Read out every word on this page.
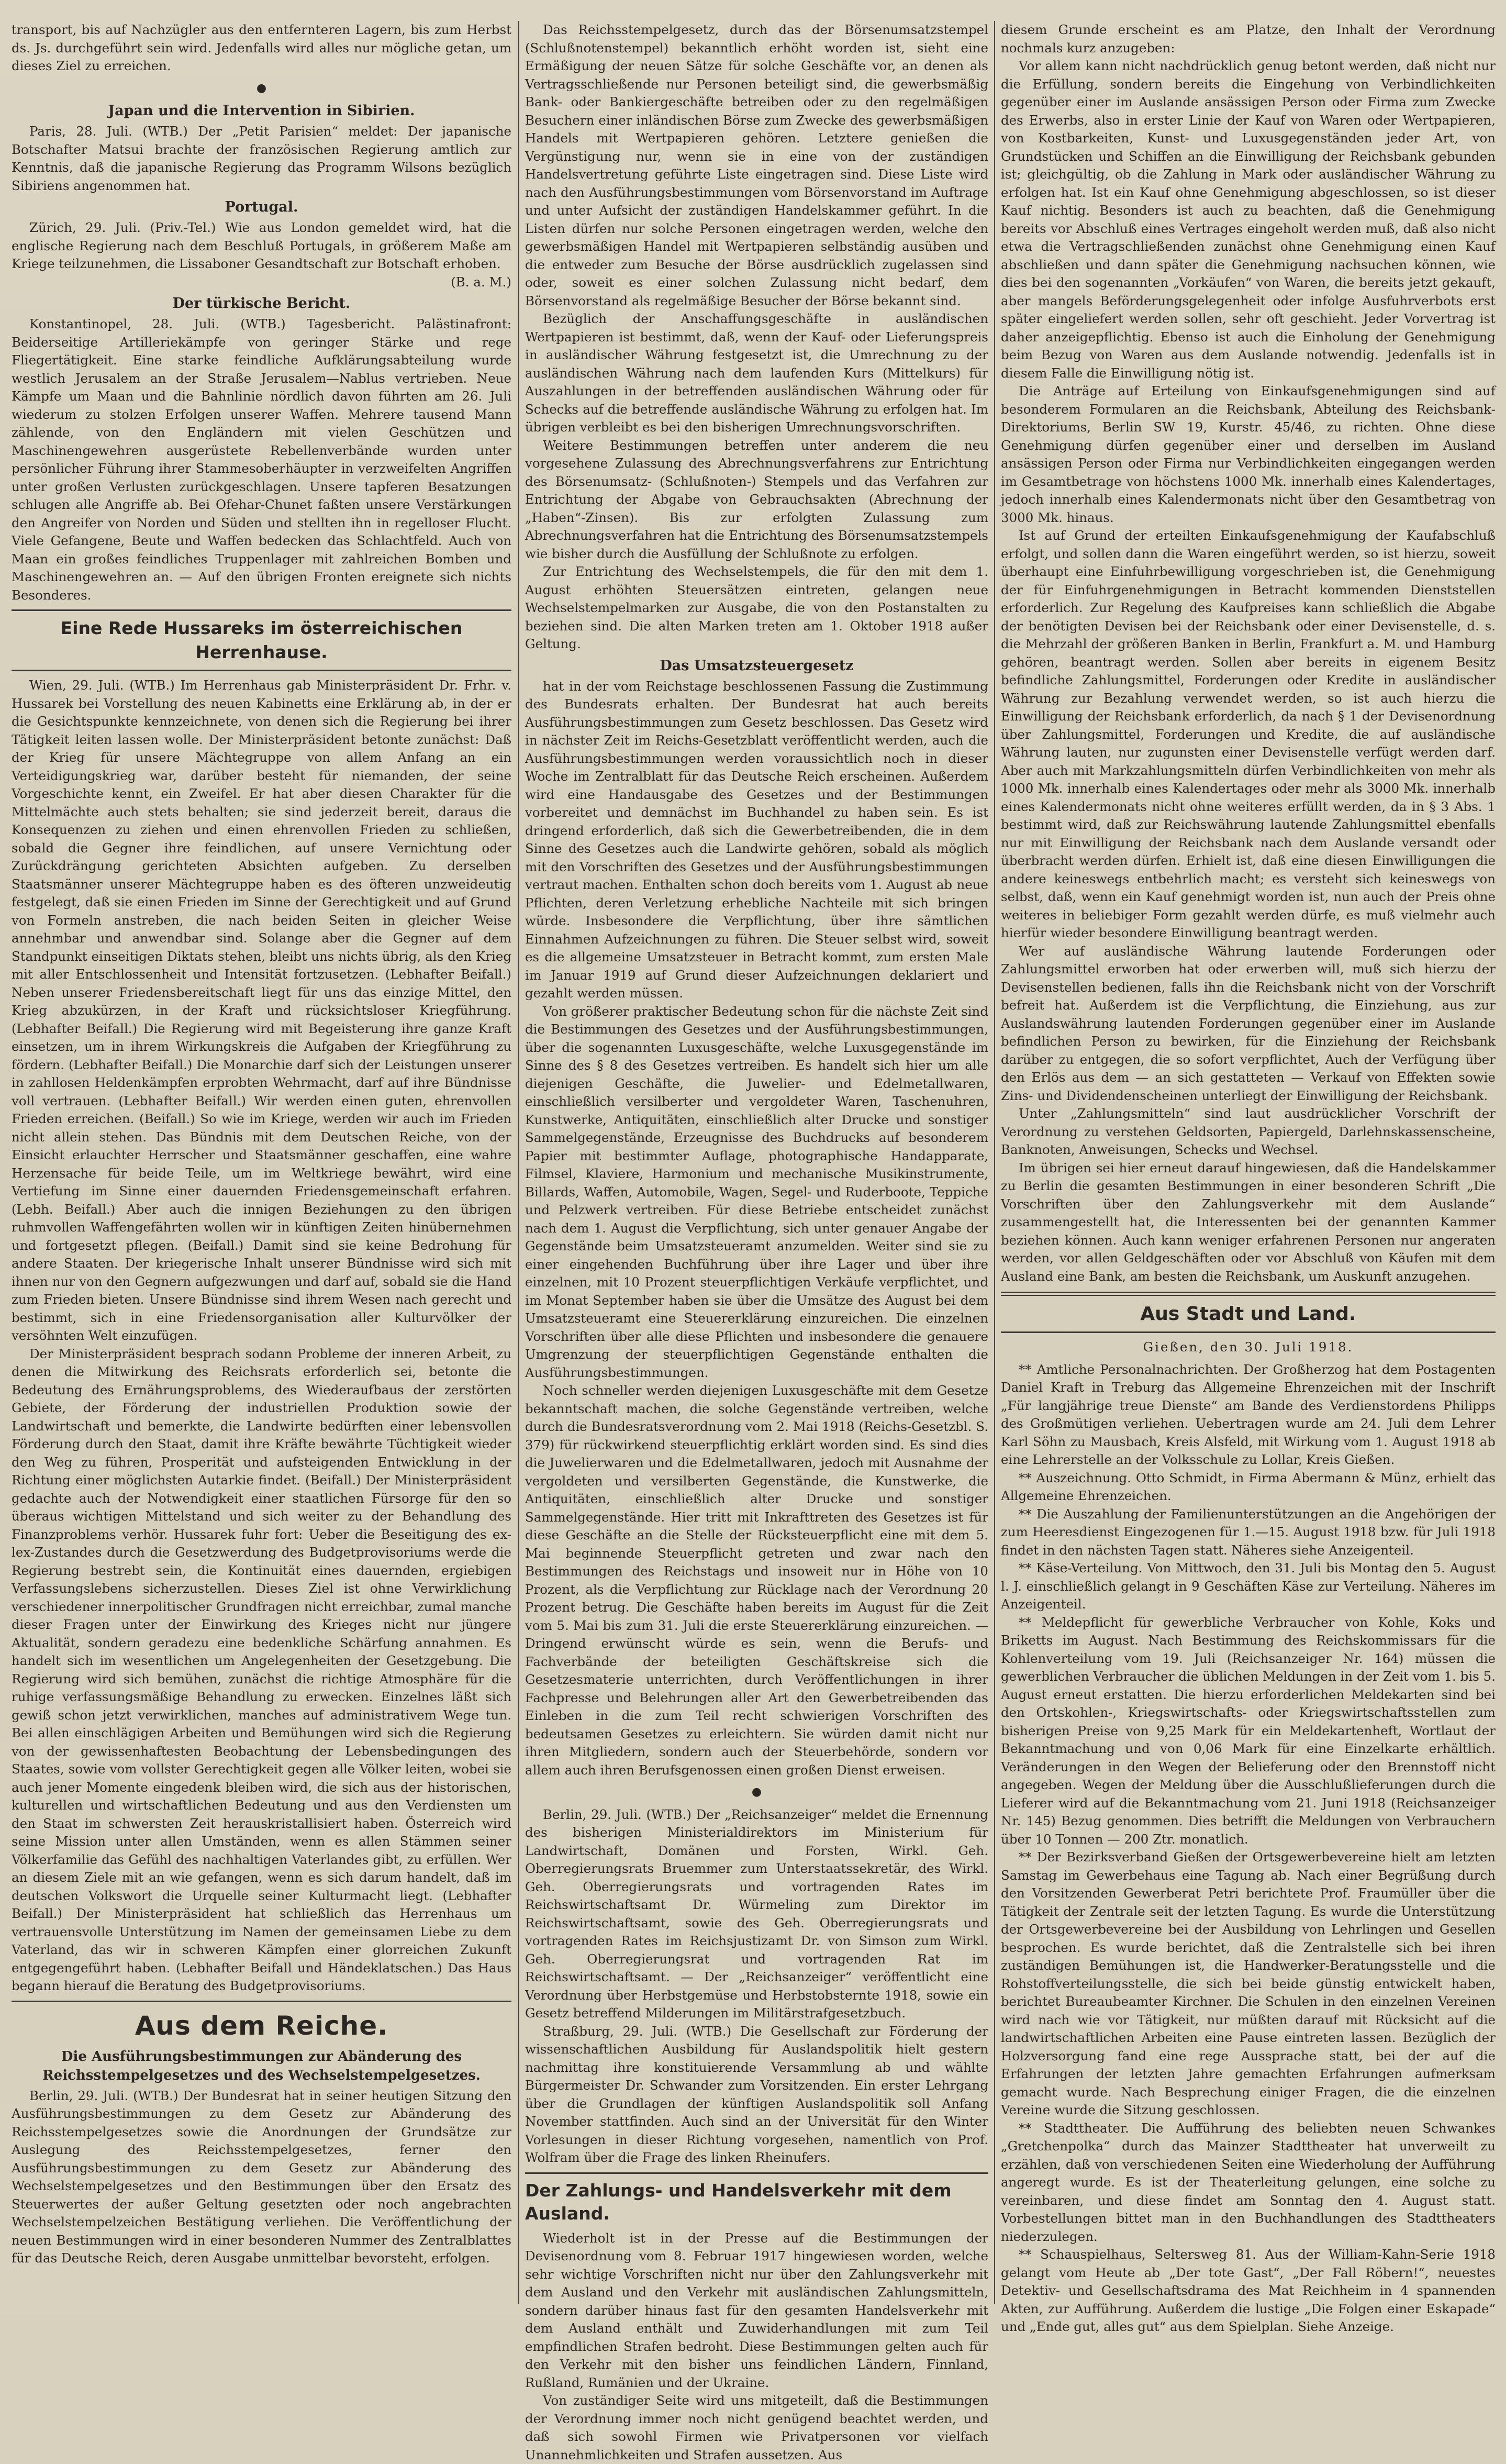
transport, bis auf Nachzügler aus den entfernteren Lagern, bis zum Herbst ds. Js. durchgeführt sein wird. Jedenfalls wird alles nur mögliche getan, um dieses Ziel zu erreichen.

●
Japan und die Intervention in Sibirien.

Paris, 28. Juli. (WTB.) Der „Petit Parisien“ meldet: Der japanische Botschafter Matsui brachte der französischen Regierung amtlich zur Kenntnis, daß die japanische Regierung das Programm Wilsons bezüglich Sibiriens angenommen hat.

Portugal.

Zürich, 29. Juli. (Priv.-Tel.) Wie aus London gemeldet wird, hat die englische Regierung nach dem Beschluß Portugals, in größerem Maße am Kriege teilzunehmen, die Lissaboner Gesandtschaft zur Botschaft erhoben.

(B. a. M.)

Der türkische Bericht.

Konstantinopel, 28. Juli. (WTB.) Tagesbericht. Palästinafront: Beiderseitige Artilleriekämpfe von geringer Stärke und rege Fliegertätigkeit. Eine starke feindliche Aufklärungsabteilung wurde westlich Jerusalem an der Straße Jerusalem—Nablus vertrieben. Neue Kämpfe um Maan und die Bahnlinie nördlich davon führten am 26. Juli wiederum zu stolzen Erfolgen unserer Waffen. Mehrere tausend Mann zählende, von den Engländern mit vielen Geschützen und Maschinengewehren ausgerüstete Rebellenverbände wurden unter persönlicher Führung ihrer Stammesoberhäupter in verzweifelten Angriffen unter großen Verlusten zurückgeschlagen. Unsere tapferen Besatzungen schlugen alle Angriffe ab. Bei Ofehar-Chunet faßten unsere Verstärkungen den Angreifer von Norden und Süden und stellten ihn in regelloser Flucht. Viele Gefangene, Beute und Waffen bedecken das Schlachtfeld. Auch von Maan ein großes feindliches Truppenlager mit zahlreichen Bomben und Maschinengewehren an. — Auf den übrigen Fronten ereignete sich nichts Besonderes.

Eine Rede Hussareks im österreichischen Herrenhause.

Wien, 29. Juli. (WTB.) Im Herrenhaus gab Ministerpräsident Dr. Frhr. v. Hussarek bei Vorstellung des neuen Kabinetts eine Erklärung ab, in der er die Gesichtspunkte kennzeichnete, von denen sich die Regierung bei ihrer Tätigkeit leiten lassen wolle. Der Ministerpräsident betonte zunächst: Daß der Krieg für unsere Mächtegruppe von allem Anfang an ein Verteidigungskrieg war, darüber besteht für niemanden, der seine Vorgeschichte kennt, ein Zweifel. Er hat aber diesen Charakter für die Mittelmächte auch stets behalten; sie sind jederzeit bereit, daraus die Konsequenzen zu ziehen und einen ehrenvollen Frieden zu schließen, sobald die Gegner ihre feindlichen, auf unsere Vernichtung oder Zurückdrängung gerichteten Absichten aufgeben. Zu derselben Staatsmänner unserer Mächtegruppe haben es des öfteren unzweideutig festgelegt, daß sie einen Frieden im Sinne der Gerechtigkeit und auf Grund von Formeln anstreben, die nach beiden Seiten in gleicher Weise annehmbar und anwendbar sind. Solange aber die Gegner auf dem Standpunkt einseitigen Diktats stehen, bleibt uns nichts übrig, als den Krieg mit aller Entschlossenheit und Intensität fortzusetzen. (Lebhafter Beifall.) Neben unserer Friedensbereitschaft liegt für uns das einzige Mittel, den Krieg abzukürzen, in der Kraft und rücksichtsloser Kriegführung. (Lebhafter Beifall.) Die Regierung wird mit Begeisterung ihre ganze Kraft einsetzen, um in ihrem Wirkungskreis die Aufgaben der Kriegführung zu fördern. (Lebhafter Beifall.) Die Monarchie darf sich der Leistungen unserer in zahllosen Heldenkämpfen erprobten Wehrmacht, darf auf ihre Bündnisse voll vertrauen. (Lebhafter Beifall.) Wir werden einen guten, ehrenvollen Frieden erreichen. (Beifall.) So wie im Kriege, werden wir auch im Frieden nicht allein stehen. Das Bündnis mit dem Deutschen Reiche, von der Einsicht erlauchter Herrscher und Staatsmänner geschaffen, eine wahre Herzensache für beide Teile, um im Weltkriege bewährt, wird eine Vertiefung im Sinne einer dauernden Friedensgemeinschaft erfahren. (Lebh. Beifall.) Aber auch die innigen Beziehungen zu den übrigen ruhmvollen Waffengefährten wollen wir in künftigen Zeiten hinübernehmen und fortgesetzt pflegen. (Beifall.) Damit sind sie keine Bedrohung für andere Staaten. Der kriegerische Inhalt unserer Bündnisse wird sich mit ihnen nur von den Gegnern aufgezwungen und darf auf, sobald sie die Hand zum Frieden bieten. Unsere Bündnisse sind ihrem Wesen nach gerecht und bestimmt, sich in eine Friedensorganisation aller Kulturvölker der versöhnten Welt einzufügen.

Der Ministerpräsident besprach sodann Probleme der inneren Arbeit, zu denen die Mitwirkung des Reichsrats erforderlich sei, betonte die Bedeutung des Ernährungsproblems, des Wiederaufbaus der zerstörten Gebiete, der Förderung der industriellen Produktion sowie der Landwirtschaft und bemerkte, die Landwirte bedürften einer lebensvollen Förderung durch den Staat, damit ihre Kräfte bewährte Tüchtigkeit wieder den Weg zu führen, Prosperität und aufsteigenden Entwicklung in der Richtung einer möglichsten Autarkie findet. (Beifall.) Der Ministerpräsident gedachte auch der Notwendigkeit einer staatlichen Fürsorge für den so überaus wichtigen Mittelstand und sich weiter zu der Behandlung des Finanzproblems verhör. Hussarek fuhr fort: Ueber die Beseitigung des ex-lex-Zustandes durch die Gesetzwerdung des Budgetprovisoriums werde die Regierung bestrebt sein, die Kontinuität eines dauernden, ergiebigen Verfassungslebens sicherzustellen. Dieses Ziel ist ohne Verwirklichung verschiedener innerpolitischer Grundfragen nicht erreichbar, zumal manche dieser Fragen unter der Einwirkung des Krieges nicht nur jüngere Aktualität, sondern geradezu eine bedenkliche Schärfung annahmen. Es handelt sich im wesentlichen um Angelegenheiten der Gesetzgebung. Die Regierung wird sich bemühen, zunächst die richtige Atmosphäre für die ruhige verfassungsmäßige Behandlung zu erwecken. Einzelnes läßt sich gewiß schon jetzt verwirklichen, manches auf administrativem Wege tun. Bei allen einschlägigen Arbeiten und Bemühungen wird sich die Regierung von der gewissenhaftesten Beobachtung der Lebensbedingungen des Staates, sowie vom vollster Gerechtigkeit gegen alle Völker leiten, wobei sie auch jener Momente eingedenk bleiben wird, die sich aus der historischen, kulturellen und wirtschaftlichen Bedeutung und aus den Verdiensten um den Staat im schwersten Zeit herauskristallisiert haben. Österreich wird seine Mission unter allen Umständen, wenn es allen Stämmen seiner Völkerfamilie das Gefühl des nachhaltigen Vaterlandes gibt, zu erfüllen. Wer an diesem Ziele mit an wie gefangen, wenn es sich darum handelt, daß im deutschen Volkswort die Urquelle seiner Kulturmacht liegt. (Lebhafter Beifall.) Der Ministerpräsident hat schließlich das Herrenhaus um vertrauensvolle Unterstützung im Namen der gemeinsamen Liebe zu dem Vaterland, das wir in schweren Kämpfen einer glorreichen Zukunft entgegengeführt haben. (Lebhafter Beifall und Händeklatschen.) Das Haus begann hierauf die Beratung des Budgetprovisoriums.

Aus dem Reiche.
Die Ausführungsbestimmungen zur Abänderung des Reichsstempelgesetzes und des Wechselstempelgesetzes.

Berlin, 29. Juli. (WTB.) Der Bundesrat hat in seiner heutigen Sitzung den Ausführungsbestimmungen zu dem Gesetz zur Abänderung des Reichsstempelgesetzes sowie die Anordnungen der Grundsätze zur Auslegung des Reichsstempelgesetzes, ferner den Ausführungsbestimmungen zu dem Gesetz zur Abänderung des Wechselstempelgesetzes und den Bestimmungen über den Ersatz des Steuerwertes der außer Geltung gesetzten oder noch angebrachten Wechselstempelzeichen Bestätigung verliehen. Die Veröffentlichung der neuen Bestimmungen wird in einer besonderen Nummer des Zentralblattes für das Deutsche Reich, deren Ausgabe unmittelbar bevorsteht, erfolgen.

Das Reichsstempelgesetz, durch das der Börsenumsatzstempel (Schlußnotenstempel) bekanntlich erhöht worden ist, sieht eine Ermäßigung der neuen Sätze für solche Geschäfte vor, an denen als Vertragsschließende nur Personen beteiligt sind, die gewerbsmäßig Bank- oder Bankiergeschäfte betreiben oder zu den regelmäßigen Besuchern einer inländischen Börse zum Zwecke des gewerbsmäßigen Handels mit Wertpapieren gehören. Letztere genießen die Vergünstigung nur, wenn sie in eine von der zuständigen Handelsvertretung geführte Liste eingetragen sind. Diese Liste wird nach den Ausführungsbestimmungen vom Börsenvorstand im Auftrage und unter Aufsicht der zuständigen Handelskammer geführt. In die Listen dürfen nur solche Personen eingetragen werden, welche den gewerbsmäßigen Handel mit Wertpapieren selbständig ausüben und die entweder zum Besuche der Börse ausdrücklich zugelassen sind oder, soweit es einer solchen Zulassung nicht bedarf, dem Börsenvorstand als regelmäßige Besucher der Börse bekannt sind.

Bezüglich der Anschaffungsgeschäfte in ausländischen Wertpapieren ist bestimmt, daß, wenn der Kauf- oder Lieferungspreis in ausländischer Währung festgesetzt ist, die Umrechnung zu der ausländischen Währung nach dem laufenden Kurs (Mittelkurs) für Auszahlungen in der betreffenden ausländischen Währung oder für Schecks auf die betreffende ausländische Währung zu erfolgen hat. Im übrigen verbleibt es bei den bisherigen Umrechnungsvorschriften.

Weitere Bestimmungen betreffen unter anderem die neu vorgesehene Zulassung des Abrechnungsverfahrens zur Entrichtung des Börsenumsatz- (Schlußnoten-) Stempels und das Verfahren zur Entrichtung der Abgabe von Gebrauchsakten (Abrechnung der „Haben“-Zinsen). Bis zur erfolgten Zulassung zum Abrechnungsverfahren hat die Entrichtung des Börsenumsatzstempels wie bisher durch die Ausfüllung der Schlußnote zu erfolgen.

Zur Entrichtung des Wechselstempels, die für den mit dem 1. August erhöhten Steuersätzen eintreten, gelangen neue Wechselstempelmarken zur Ausgabe, die von den Postanstalten zu beziehen sind. Die alten Marken treten am 1. Oktober 1918 außer Geltung.

Das Umsatzsteuergesetz

hat in der vom Reichstage beschlossenen Fassung die Zustimmung des Bundesrats erhalten. Der Bundesrat hat auch bereits Ausführungsbestimmungen zum Gesetz beschlossen. Das Gesetz wird in nächster Zeit im Reichs-Gesetzblatt veröffentlicht werden, auch die Ausführungsbestimmungen werden voraussichtlich noch in dieser Woche im Zentralblatt für das Deutsche Reich erscheinen. Außerdem wird eine Handausgabe des Gesetzes und der Bestimmungen vorbereitet und demnächst im Buchhandel zu haben sein. Es ist dringend erforderlich, daß sich die Gewerbetreibenden, die in dem Sinne des Gesetzes auch die Landwirte gehören, sobald als möglich mit den Vorschriften des Gesetzes und der Ausführungsbestimmungen vertraut machen. Enthalten schon doch bereits vom 1. August ab neue Pflichten, deren Verletzung erhebliche Nachteile mit sich bringen würde. Insbesondere die Verpflichtung, über ihre sämtlichen Einnahmen Aufzeichnungen zu führen. Die Steuer selbst wird, soweit es die allgemeine Umsatzsteuer in Betracht kommt, zum ersten Male im Januar 1919 auf Grund dieser Aufzeichnungen deklariert und gezahlt werden müssen.

Von größerer praktischer Bedeutung schon für die nächste Zeit sind die Bestimmungen des Gesetzes und der Ausführungsbestimmungen, über die sogenannten Luxusgeschäfte, welche Luxusgegenstände im Sinne des § 8 des Gesetzes vertreiben. Es handelt sich hier um alle diejenigen Geschäfte, die Juwelier- und Edelmetallwaren, einschließlich versilberter und vergoldeter Waren, Taschenuhren, Kunstwerke, Antiquitäten, einschließlich alter Drucke und sonstiger Sammelgegenstände, Erzeugnisse des Buchdrucks auf besonderem Papier mit bestimmter Auflage, photographische Handapparate, Filmsel, Klaviere, Harmonium und mechanische Musikinstrumente, Billards, Waffen, Automobile, Wagen, Segel- und Ruderboote, Teppiche und Pelzwerk vertreiben. Für diese Betriebe entscheidet zunächst nach dem 1. August die Verpflichtung, sich unter genauer Angabe der Gegenstände beim Umsatzsteueramt anzumelden. Weiter sind sie zu einer eingehenden Buchführung über ihre Lager und über ihre einzelnen, mit 10 Prozent steuerpflichtigen Verkäufe verpflichtet, und im Monat September haben sie über die Umsätze des August bei dem Umsatzsteueramt eine Steuererklärung einzureichen. Die einzelnen Vorschriften über alle diese Pflichten und insbesondere die genauere Umgrenzung der steuerpflichtigen Gegenstände enthalten die Ausführungsbestimmungen.

Noch schneller werden diejenigen Luxusgeschäfte mit dem Gesetze bekanntschaft machen, die solche Gegenstände vertreiben, welche durch die Bundesratsverordnung vom 2. Mai 1918 (Reichs-Gesetzbl. S. 379) für rückwirkend steuerpflichtig erklärt worden sind. Es sind dies die Juwelierwaren und die Edelmetallwaren, jedoch mit Ausnahme der vergoldeten und versilberten Gegenstände, die Kunstwerke, die Antiquitäten, einschließlich alter Drucke und sonstiger Sammelgegenstände. Hier tritt mit Inkrafttreten des Gesetzes ist für diese Geschäfte an die Stelle der Rücksteuerpflicht eine mit dem 5. Mai beginnende Steuerpflicht getreten und zwar nach den Bestimmungen des Reichstags und insoweit nur in Höhe von 10 Prozent, als die Verpflichtung zur Rücklage nach der Verordnung 20 Prozent betrug. Die Geschäfte haben bereits im August für die Zeit vom 5. Mai bis zum 31. Juli die erste Steuererklärung einzureichen. — Dringend erwünscht würde es sein, wenn die Berufs- und Fachverbände der beteiligten Geschäftskreise sich die Gesetzesmaterie unterrichten, durch Veröffentlichungen in ihrer Fachpresse und Belehrungen aller Art den Gewerbetreibenden das Einleben in die zum Teil recht schwierigen Vorschriften des bedeutsamen Gesetzes zu erleichtern. Sie würden damit nicht nur ihren Mitgliedern, sondern auch der Steuerbehörde, sondern vor allem auch ihren Berufsgenossen einen großen Dienst erweisen.

●

Berlin, 29. Juli. (WTB.) Der „Reichsanzeiger“ meldet die Ernennung des bisherigen Ministerialdirektors im Ministerium für Landwirtschaft, Domänen und Forsten, Wirkl. Geh. Oberregierungsrats Bruemmer zum Unterstaatssekretär, des Wirkl. Geh. Oberregierungsrats und vortragenden Rates im Reichswirtschaftsamt Dr. Würmeling zum Direktor im Reichswirtschaftsamt, sowie des Geh. Oberregierungsrats und vortragenden Rates im Reichsjustizamt Dr. von Simson zum Wirkl. Geh. Oberregierungsrat und vortragenden Rat im Reichswirtschaftsamt. — Der „Reichsanzeiger“ veröffentlicht eine Verordnung über Herbstgemüse und Herbstobsternte 1918, sowie ein Gesetz betreffend Milderungen im Militärstrafgesetzbuch.

Straßburg, 29. Juli. (WTB.) Die Gesellschaft zur Förderung der wissenschaftlichen Ausbildung für Auslandspolitik hielt gestern nachmittag ihre konstituierende Versammlung ab und wählte Bürgermeister Dr. Schwander zum Vorsitzenden. Ein erster Lehrgang über die Grundlagen der künftigen Auslandspolitik soll Anfang November stattfinden. Auch sind an der Universität für den Winter Vorlesungen in dieser Richtung vorgesehen, namentlich von Prof. Wolfram über die Frage des linken Rheinufers.

Der Zahlungs- und Handelsverkehr mit dem Ausland.

Wiederholt ist in der Presse auf die Bestimmungen der Devisenordnung vom 8. Februar 1917 hingewiesen worden, welche sehr wichtige Vorschriften nicht nur über den Zahlungsverkehr mit dem Ausland und den Verkehr mit ausländischen Zahlungsmitteln, sondern darüber hinaus fast für den gesamten Handelsverkehr mit dem Ausland enthält und Zuwiderhandlungen mit zum Teil empfindlichen Strafen bedroht. Diese Bestimmungen gelten auch für den Verkehr mit den bisher uns feindlichen Ländern, Finnland, Rußland, Rumänien und der Ukraine.

Von zuständiger Seite wird uns mitgeteilt, daß die Bestimmungen der Verordnung immer noch nicht genügend beachtet werden, und daß sich sowohl Firmen wie Privatpersonen vor vielfach Unannehmlichkeiten und Strafen aussetzen. Aus

diesem Grunde erscheint es am Platze, den Inhalt der Verordnung nochmals kurz anzugeben:

Vor allem kann nicht nachdrücklich genug betont werden, daß nicht nur die Erfüllung, sondern bereits die Eingehung von Verbindlichkeiten gegenüber einer im Auslande ansässigen Person oder Firma zum Zwecke des Erwerbs, also in erster Linie der Kauf von Waren oder Wertpapieren, von Kostbarkeiten, Kunst- und Luxusgegenständen jeder Art, von Grundstücken und Schiffen an die Einwilligung der Reichsbank gebunden ist; gleichgültig, ob die Zahlung in Mark oder ausländischer Währung zu erfolgen hat. Ist ein Kauf ohne Genehmigung abgeschlossen, so ist dieser Kauf nichtig. Besonders ist auch zu beachten, daß die Genehmigung bereits vor Abschluß eines Vertrages eingeholt werden muß, daß also nicht etwa die Vertragschließenden zunächst ohne Genehmigung einen Kauf abschließen und dann später die Genehmigung nachsuchen können, wie dies bei den sogenannten „Vorkäufen“ von Waren, die bereits jetzt gekauft, aber mangels Beförderungsgelegenheit oder infolge Ausfuhrverbots erst später eingeliefert werden sollen, sehr oft geschieht. Jeder Vorvertrag ist daher anzeigepflichtig. Ebenso ist auch die Einholung der Genehmigung beim Bezug von Waren aus dem Auslande notwendig. Jedenfalls ist in diesem Falle die Einwilligung nötig ist.

Die Anträge auf Erteilung von Einkaufsgenehmigungen sind auf besonderem Formularen an die Reichsbank, Abteilung des Reichsbank-Direktoriums, Berlin SW 19, Kurstr. 45/46, zu richten. Ohne diese Genehmigung dürfen gegenüber einer und derselben im Ausland ansässigen Person oder Firma nur Verbindlichkeiten eingegangen werden im Gesamtbetrage von höchstens 1000 Mk. innerhalb eines Kalendertages, jedoch innerhalb eines Kalendermonats nicht über den Gesamtbetrag von 3000 Mk. hinaus.

Ist auf Grund der erteilten Einkaufsgenehmigung der Kaufabschluß erfolgt, und sollen dann die Waren eingeführt werden, so ist hierzu, soweit überhaupt eine Einfuhrbewilligung vorgeschrieben ist, die Genehmigung der für Einfuhrgenehmigungen in Betracht kommenden Dienststellen erforderlich. Zur Regelung des Kaufpreises kann schließlich die Abgabe der benötigten Devisen bei der Reichsbank oder einer Devisenstelle, d. s. die Mehrzahl der größeren Banken in Berlin, Frankfurt a. M. und Hamburg gehören, beantragt werden. Sollen aber bereits in eigenem Besitz befindliche Zahlungsmittel, Forderungen oder Kredite in ausländischer Währung zur Bezahlung verwendet werden, so ist auch hierzu die Einwilligung der Reichsbank erforderlich, da nach § 1 der Devisenordnung über Zahlungsmittel, Forderungen und Kredite, die auf ausländische Währung lauten, nur zugunsten einer Devisenstelle verfügt werden darf. Aber auch mit Markzahlungsmitteln dürfen Verbindlichkeiten von mehr als 1000 Mk. innerhalb eines Kalendertages oder mehr als 3000 Mk. innerhalb eines Kalendermonats nicht ohne weiteres erfüllt werden, da in § 3 Abs. 1 bestimmt wird, daß zur Reichswährung lautende Zahlungsmittel ebenfalls nur mit Einwilligung der Reichsbank nach dem Auslande versandt oder überbracht werden dürfen. Erhielt ist, daß eine diesen Einwilligungen die andere keineswegs entbehrlich macht; es versteht sich keineswegs von selbst, daß, wenn ein Kauf genehmigt worden ist, nun auch der Preis ohne weiteres in beliebiger Form gezahlt werden dürfe, es muß vielmehr auch hierfür wieder besondere Einwilligung beantragt werden.

Wer auf ausländische Währung lautende Forderungen oder Zahlungsmittel erworben hat oder erwerben will, muß sich hierzu der Devisenstellen bedienen, falls ihn die Reichsbank nicht von der Vorschrift befreit hat. Außerdem ist die Verpflichtung, die Einziehung, aus zur Auslandswährung lautenden Forderungen gegenüber einer im Auslande befindlichen Person zu bewirken, für die Einziehung der Reichsbank darüber zu entgegen, die so sofort verpflichtet, Auch der Verfügung über den Erlös aus dem — an sich gestatteten — Verkauf von Effekten sowie Zins- und Dividendenscheinen unterliegt der Einwilligung der Reichsbank.

Unter „Zahlungsmitteln“ sind laut ausdrücklicher Vorschrift der Verordnung zu verstehen Geldsorten, Papiergeld, Darlehnskassenscheine, Banknoten, Anweisungen, Schecks und Wechsel.

Im übrigen sei hier erneut darauf hingewiesen, daß die Handelskammer zu Berlin die gesamten Bestimmungen in einer besonderen Schrift „Die Vorschriften über den Zahlungsverkehr mit dem Auslande“ zusammengestellt hat, die Interessenten bei der genannten Kammer beziehen können. Auch kann weniger erfahrenen Personen nur angeraten werden, vor allen Geldgeschäften oder vor Abschluß von Käufen mit dem Ausland eine Bank, am besten die Reichsbank, um Auskunft anzugehen.

Aus Stadt und Land.
Gießen, den 30. Juli 1918.

** Amtliche Personalnachrichten. Der Großherzog hat dem Postagenten Daniel Kraft in Treburg das Allgemeine Ehrenzeichen mit der Inschrift „Für langjährige treue Dienste“ am Bande des Verdienstordens Philipps des Großmütigen verliehen. Uebertragen wurde am 24. Juli dem Lehrer Karl Söhn zu Mausbach, Kreis Alsfeld, mit Wirkung vom 1. August 1918 ab eine Lehrerstelle an der Volksschule zu Lollar, Kreis Gießen.

** Auszeichnung. Otto Schmidt, in Firma Abermann & Münz, erhielt das Allgemeine Ehrenzeichen.

** Die Auszahlung der Familienunterstützungen an die Angehörigen der zum Heeresdienst Eingezogenen für 1.—15. August 1918 bzw. für Juli 1918 findet in den nächsten Tagen statt. Näheres siehe Anzeigenteil.

** Käse-Verteilung. Von Mittwoch, den 31. Juli bis Montag den 5. August l. J. einschließlich gelangt in 9 Geschäften Käse zur Verteilung. Näheres im Anzeigenteil.

** Meldepflicht für gewerbliche Verbraucher von Kohle, Koks und Briketts im August. Nach Bestimmung des Reichskommissars für die Kohlenverteilung vom 19. Juli (Reichsanzeiger Nr. 164) müssen die gewerblichen Verbraucher die üblichen Meldungen in der Zeit vom 1. bis 5. August erneut erstatten. Die hierzu erforderlichen Meldekarten sind bei den Ortskohlen-, Kriegswirtschafts- oder Kriegswirtschaftsstellen zum bisherigen Preise von 9,25 Mark für ein Meldekartenheft, Wortlaut der Bekanntmachung und von 0,06 Mark für eine Einzelkarte erhältlich. Veränderungen in den Wegen der Belieferung oder den Brennstoff nicht angegeben. Wegen der Meldung über die Ausschlußlieferungen durch die Lieferer wird auf die Bekanntmachung vom 21. Juni 1918 (Reichsanzeiger Nr. 145) Bezug genommen. Dies betrifft die Meldungen von Verbrauchern über 10 Tonnen — 200 Ztr. monatlich.

** Der Bezirksverband Gießen der Ortsgewerbevereine hielt am letzten Samstag im Gewerbehaus eine Tagung ab. Nach einer Begrüßung durch den Vorsitzenden Gewerberat Petri berichtete Prof. Fraumüller über die Tätigkeit der Zentrale seit der letzten Tagung. Es wurde die Unterstützung der Ortsgewerbevereine bei der Ausbildung von Lehrlingen und Gesellen besprochen. Es wurde berichtet, daß die Zentralstelle sich bei ihren zuständigen Bemühungen ist, die Handwerker-Beratungsstelle und die Rohstoffverteilungsstelle, die sich bei beide günstig entwickelt haben, berichtet Bureaubeamter Kirchner. Die Schulen in den einzelnen Vereinen wird nach wie vor Tätigkeit, nur müßten darauf mit Rücksicht auf die landwirtschaftlichen Arbeiten eine Pause eintreten lassen. Bezüglich der Holzversorgung fand eine rege Aussprache statt, bei der auf die Erfahrungen der letzten Jahre gemachten Erfahrungen aufmerksam gemacht wurde. Nach Besprechung einiger Fragen, die die einzelnen Vereine wurde die Sitzung geschlossen.

** Stadttheater. Die Aufführung des beliebten neuen Schwankes „Gretchenpolka“ durch das Mainzer Stadttheater hat unverweilt zu erzählen, daß von verschiedenen Seiten eine Wiederholung der Aufführung angeregt wurde. Es ist der Theaterleitung gelungen, eine solche zu vereinbaren, und diese findet am Sonntag den 4. August statt. Vorbestellungen bittet man in den Buchhandlungen des Stadttheaters niederzulegen.

** Schauspielhaus, Seltersweg 81. Aus der William-Kahn-Serie 1918 gelangt vom Heute ab „Der tote Gast“, „Der Fall Röbern!“, neuestes Detektiv- und Gesellschaftsdrama des Mat Reichheim in 4 spannenden Akten, zur Aufführung. Außerdem die lustige „Die Folgen einer Eskapade“ und „Ende gut, alles gut“ aus dem Spielplan. Siehe Anzeige.
